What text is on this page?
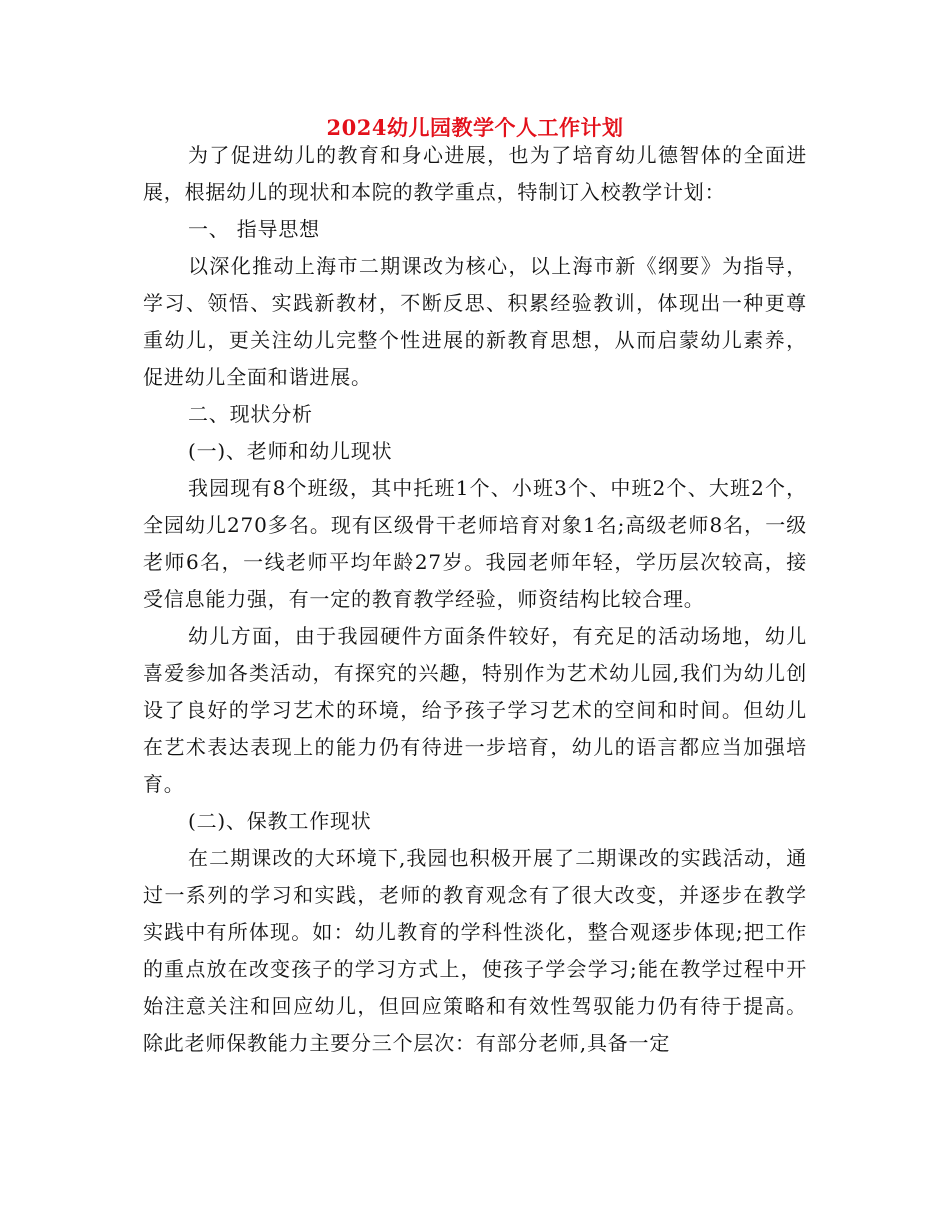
2024幼儿园教学个人工作计划

为了促进幼儿的教育和身心进展，也为了培育幼儿德智体的全面进展，根据幼儿的现状和本院的教学重点，特制订入校教学计划：

一、 指导思想

以深化推动上海市二期课改为核心，以上海市新《纲要》为指导，学习、领悟、实践新教材，不断反思、积累经验教训，体现出一种更尊重幼儿，更关注幼儿完整个性进展的新教育思想，从而启蒙幼儿素养，促进幼儿全面和谐进展。

二、现状分析

(一)、老师和幼儿现状

我园现有8个班级，其中托班1个、小班3个、中班2个、大班2个，全园幼儿270多名。现有区级骨干老师培育对象1名;高级老师8名，一级老师6名，一线老师平均年龄27岁。我园老师年轻，学历层次较高，接受信息能力强，有一定的教育教学经验，师资结构比较合理。

幼儿方面，由于我园硬件方面条件较好，有充足的活动场地，幼儿喜爱参加各类活动，有探究的兴趣，特别作为艺术幼儿园,我们为幼儿创设了良好的学习艺术的环境，给予孩子学习艺术的空间和时间。但幼儿在艺术表达表现上的能力仍有待进一步培育，幼儿的语言都应当加强培育。

(二)、保教工作现状

在二期课改的大环境下,我园也积极开展了二期课改的实践活动，通过一系列的学习和实践，老师的教育观念有了很大改变，并逐步在教学实践中有所体现。如：幼儿教育的学科性淡化，整合观逐步体现;把工作的重点放在改变孩子的学习方式上，使孩子学会学习;能在教学过程中开始注意关注和回应幼儿，但回应策略和有效性驾驭能力仍有待于提高。除此老师保教能力主要分三个层次：有部分老师,具备一定
